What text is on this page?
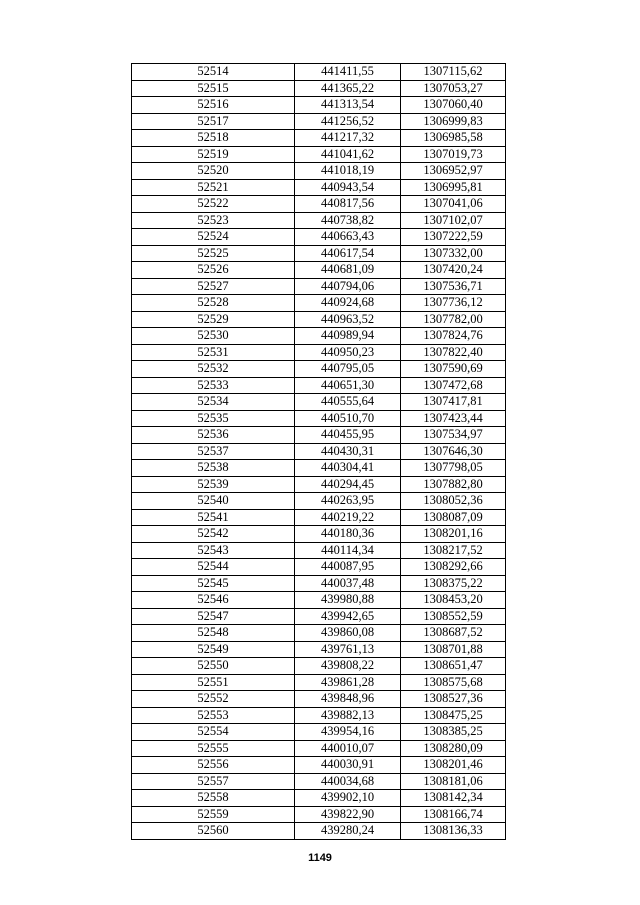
52514	441411,55	1307115,62
52515	441365,22	1307053,27
52516	441313,54	1307060,40
52517	441256,52	1306999,83
52518	441217,32	1306985,58
52519	441041,62	1307019,73
52520	441018,19	1306952,97
52521	440943,54	1306995,81
52522	440817,56	1307041,06
52523	440738,82	1307102,07
52524	440663,43	1307222,59
52525	440617,54	1307332,00
52526	440681,09	1307420,24
52527	440794,06	1307536,71
52528	440924,68	1307736,12
52529	440963,52	1307782,00
52530	440989,94	1307824,76
52531	440950,23	1307822,40
52532	440795,05	1307590,69
52533	440651,30	1307472,68
52534	440555,64	1307417,81
52535	440510,70	1307423,44
52536	440455,95	1307534,97
52537	440430,31	1307646,30
52538	440304,41	1307798,05
52539	440294,45	1307882,80
52540	440263,95	1308052,36
52541	440219,22	1308087,09
52542	440180,36	1308201,16
52543	440114,34	1308217,52
52544	440087,95	1308292,66
52545	440037,48	1308375,22
52546	439980,88	1308453,20
52547	439942,65	1308552,59
52548	439860,08	1308687,52
52549	439761,13	1308701,88
52550	439808,22	1308651,47
52551	439861,28	1308575,68
52552	439848,96	1308527,36
52553	439882,13	1308475,25
52554	439954,16	1308385,25
52555	440010,07	1308280,09
52556	440030,91	1308201,46
52557	440034,68	1308181,06
52558	439902,10	1308142,34
52559	439822,90	1308166,74
52560	439280,24	1308136,33
1149
